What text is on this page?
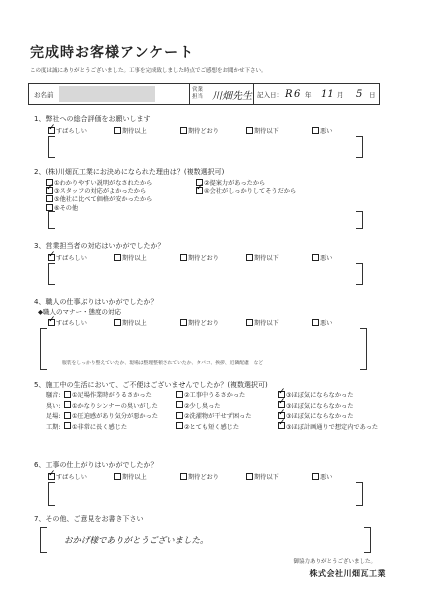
完成時お客様アンケート
この度は誠にありがとうございました。工事を完成致しました時点でご感想をお聞かせ下さい。
お名前
営業
担当 川畑先生 記入日： R 6 年 11 月 5 日
1、弊社への総合評価をお願いします
✓すばらしい	期待以上	期待どおり	期待以下	悪い
2、(株)川畑瓦工業にお決めになられた理由は？(複数選択可)
①わかりやすい説明がなされたから	②提案力があったから
✓③スタッフの対応がよかったから ✓	④会社がしっかりしてそうだから
⑤他社に比べて価格が安かったから
⑥その他
3、営業担当者の対応はいかがでしたか？
✓すばらしい	期待以上	期待どおり	期待以下	悪い
4、職人の仕事ぶりはいかがでしたか？
◆職人のマナー・態度の対応
✓すばらしい	期待以上	期待どおり	期待以下	悪い
服装をしっかり整えていたか、現場は整理整頓されていたか、タバコ、挨拶、近隣配慮　など
5、施工中の生活において、ご不便はございませんでしたか？(複数選択可)
騒音:	①足場作業時がうるさかった	②工事中うるさかった ✓	③ほぼ気にならなかった
臭い:	①かなりシンナーの臭いがした	②少し臭った ✓	③ほぼ気にならなかった
足場:	①圧迫感があり気分が悪かった	②洗濯物が干せず困った ✓	③ほぼ気にならなかった
工期:	①非常に長く感じた	②とても短く感じた ✓	③ほぼ計画通りで想定内であった
6、工事の仕上がりはいかがでしたか？
✓すばらしい	期待以上	期待どおり	期待以下	悪い
7、その他、ご意見をお書き下さい
おかげ様でありがとうございました。
御協力ありがとうございました。
株式会社川畑瓦工業
